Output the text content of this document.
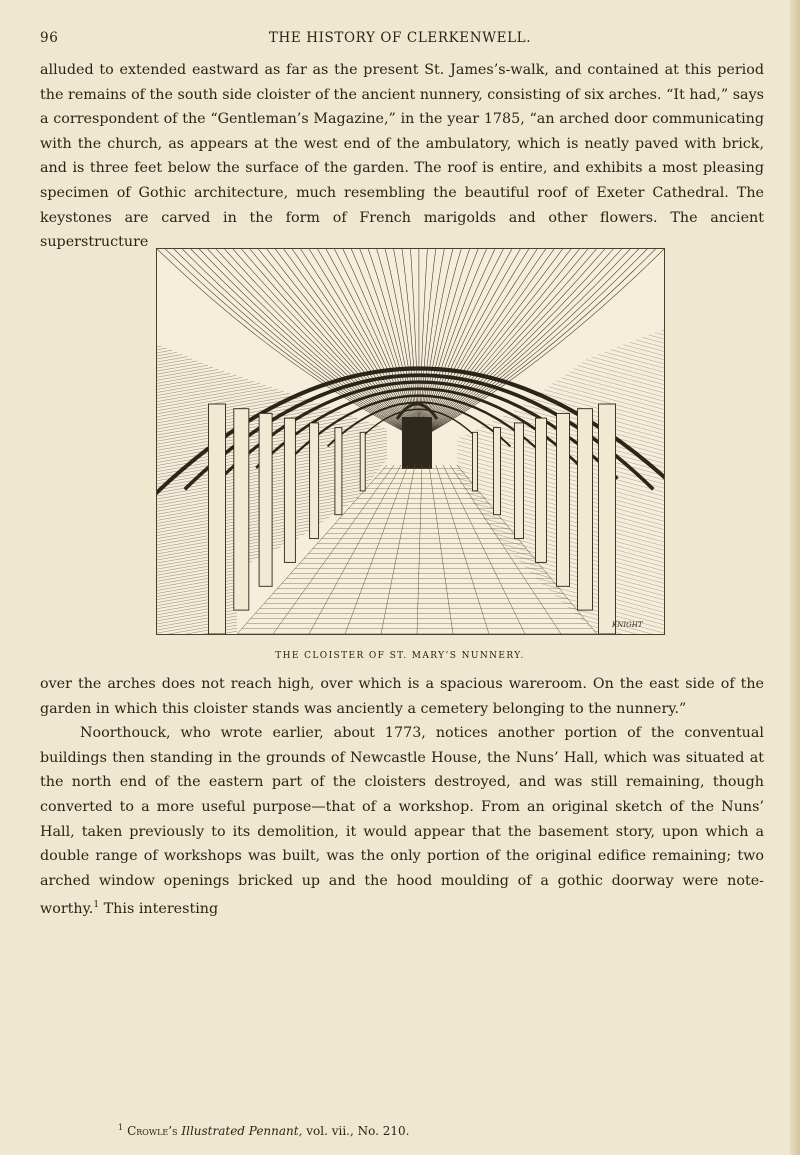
96	THE HISTORY OF CLERKENWELL.

alluded to extended eastward as far as the present St. James’s-walk, and contained at this period the remains of the south side cloister of the ancient nunnery, consisting of six arches. “It had,” says a correspondent of the “Gentleman’s Magazine,” in the year 1785, “an arched door communicating with the church, as appears at the west end of the ambulatory, which is neatly paved with brick, and is three feet below the surface of the garden. The roof is entire, and exhibits a most pleasing specimen of Gothic architecture, much resembling the beautiful roof of Exeter Cathedral. The keystones are carved in the form of French marigolds and other flowers. The ancient superstructure

KNIGHT
THE CLOISTER OF ST. MARY’S NUNNERY.

over the arches does not reach high, over which is a spacious wareroom. On the east side of the garden in which this cloister stands was anciently a cemetery belonging to the nunnery.”
Noorthouck, who wrote earlier, about 1773, notices another portion of the conventual buildings then standing in the grounds of Newcastle House, the Nuns’ Hall, which was situated at the north end of the eastern part of the cloisters destroyed, and was still remaining, though converted to a more useful purpose—that of a workshop. From an original sketch of the Nuns’ Hall, taken previously to its demolition, it would appear that the basement story, upon which a double range of workshops was built, was the only portion of the original edifice remaining; two arched window openings bricked up and the hood moulding of a gothic doorway were note-worthy.$^1$ This interesting

$^1$ Crowle’s Illustrated Pennant, vol. vii., No. 210.
